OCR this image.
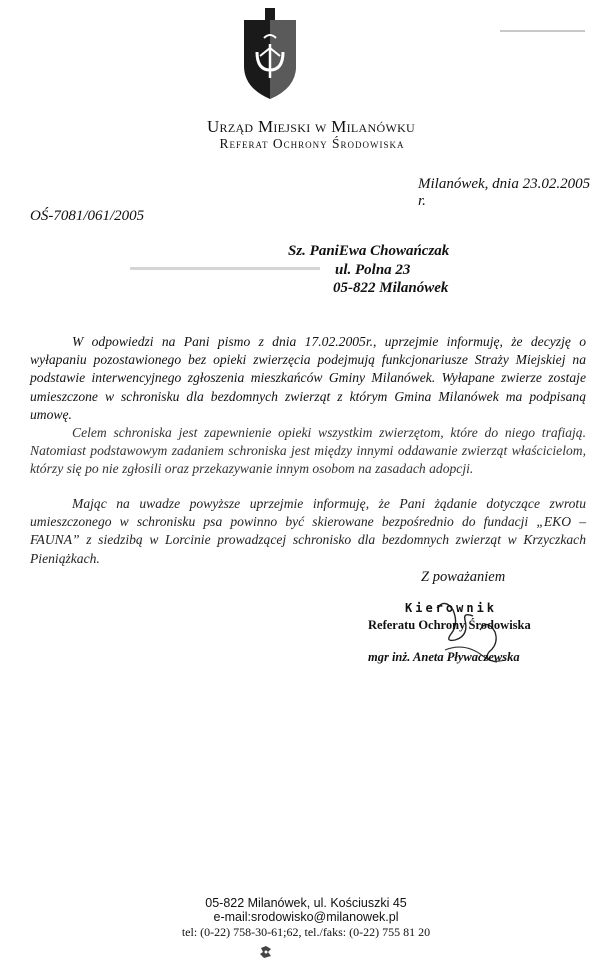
Urząd Miejski w Milanówku
Referat Ochrony Środowiska
Milanówek, dnia 23.02.2005 r.
OŚ-7081/061/2005
Sz. PaniEwa Chowańczak
ul. Polna 23
05-822 Milanówek
W odpowiedzi na Pani pismo z dnia 17.02.2005r., uprzejmie informuję, że decyzję o wyłapaniu pozostawionego bez opieki zwierzęcia podejmują funkcjonariusze Straży Miejskiej na podstawie interwencyjnego zgłoszenia mieszkańców Gminy Milanówek. Wyłapane zwierze zostaje umieszczone w schronisku dla bezdomnych zwierząt z którym Gmina Milanówek ma podpisaną umowę.
Celem schroniska jest zapewnienie opieki wszystkim zwierzętom, które do niego trafiają. Natomiast podstawowym zadaniem schroniska jest między innymi oddawanie zwierząt właścicielom, którzy się po nie zgłosili oraz przekazywanie innym osobom na zasadach adopcji.
Mając na uwadze powyższe uprzejmie informuję, że Pani żądanie dotyczące zwrotu umieszczonego w schronisku psa powinno być skierowane bezpośrednio do fundacji „EKO – FAUNA” z siedzibą w Lorcinie prowadzącej schronisko dla bezdomnych zwierząt w Krzyczkach Pieniążkach.
Z poważaniem
Kierownik
Referatu Ochrony Środowiska
mgr inż. Aneta Pływaczewska
05-822 Milanówek, ul. Kościuszki 45
e-mail:srodowisko@milanowek.pl
tel: (0-22) 758-30-61;62, tel./faks: (0-22) 755 81 20
